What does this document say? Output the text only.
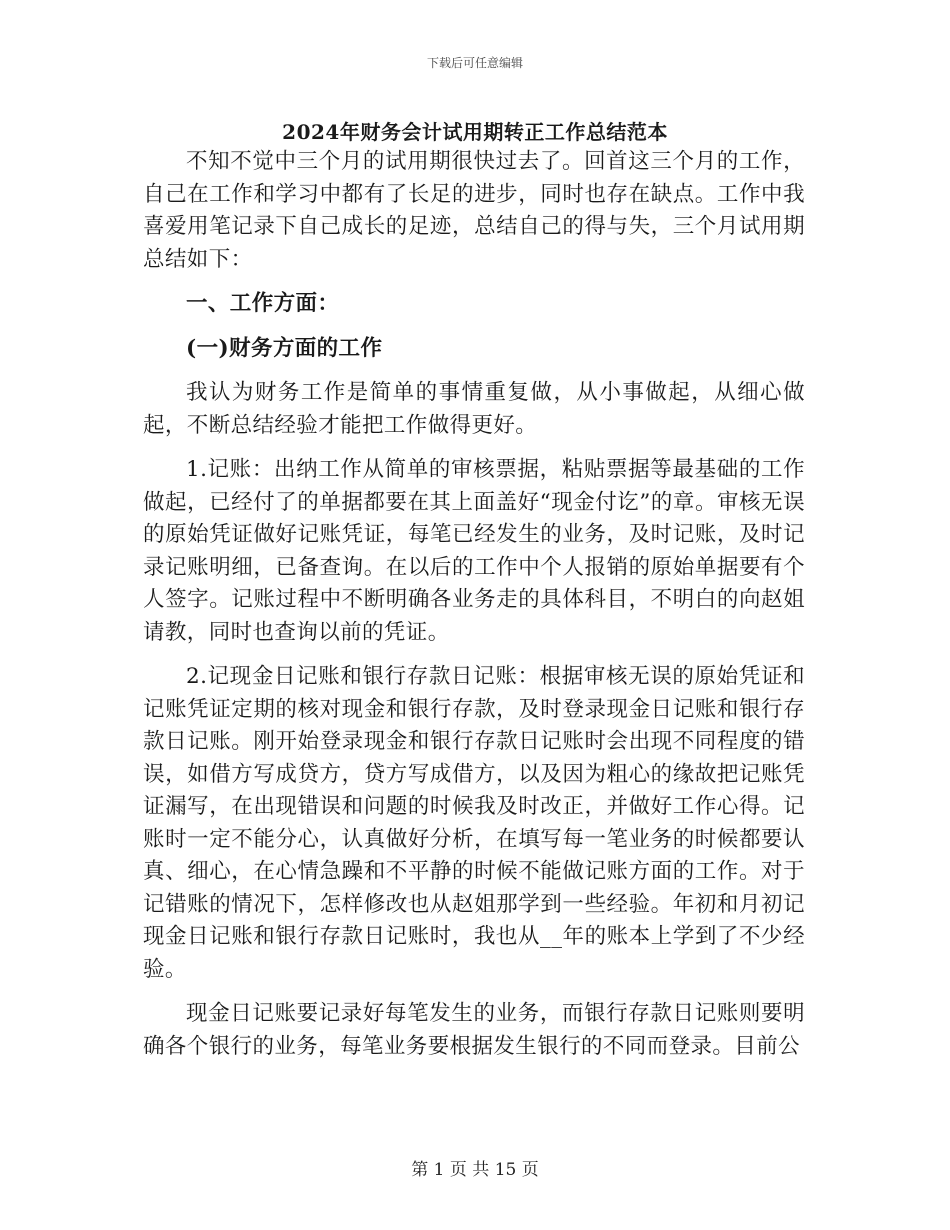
下载后可任意编辑
2024年财务会计试用期转正工作总结范本

不知不觉中三个月的试用期很快过去了。回首这三个月的工作，自己在工作和学习中都有了长足的进步，同时也存在缺点。工作中我喜爱用笔记录下自己成长的足迹，总结自己的得与失，三个月试用期总结如下：

一、工作方面：

(一)财务方面的工作

我认为财务工作是简单的事情重复做，从小事做起，从细心做起，不断总结经验才能把工作做得更好。

1.记账：出纳工作从简单的审核票据，粘贴票据等最基础的工作做起，已经付了的单据都要在其上面盖好“现金付讫”的章。审核无误的原始凭证做好记账凭证，每笔已经发生的业务，及时记账，及时记录记账明细，已备查询。在以后的工作中个人报销的原始单据要有个人签字。记账过程中不断明确各业务走的具体科目，不明白的向赵姐请教，同时也查询以前的凭证。

2.记现金日记账和银行存款日记账：根据审核无误的原始凭证和记账凭证定期的核对现金和银行存款，及时登录现金日记账和银行存款日记账。刚开始登录现金和银行存款日记账时会出现不同程度的错误，如借方写成贷方，贷方写成借方，以及因为粗心的缘故把记账凭证漏写，在出现错误和问题的时候我及时改正，并做好工作心得。记账时一定不能分心，认真做好分析，在填写每一笔业务的时候都要认真、细心，在心情急躁和不平静的时候不能做记账方面的工作。对于记错账的情况下，怎样修改也从赵姐那学到一些经验。年初和月初记现金日记账和银行存款日记账时，我也从__年的账本上学到了不少经验。

现金日记账要记录好每笔发生的业务，而银行存款日记账则要明确各个银行的业务，每笔业务要根据发生银行的不同而登录。目前公

第 1 页 共 15 页
